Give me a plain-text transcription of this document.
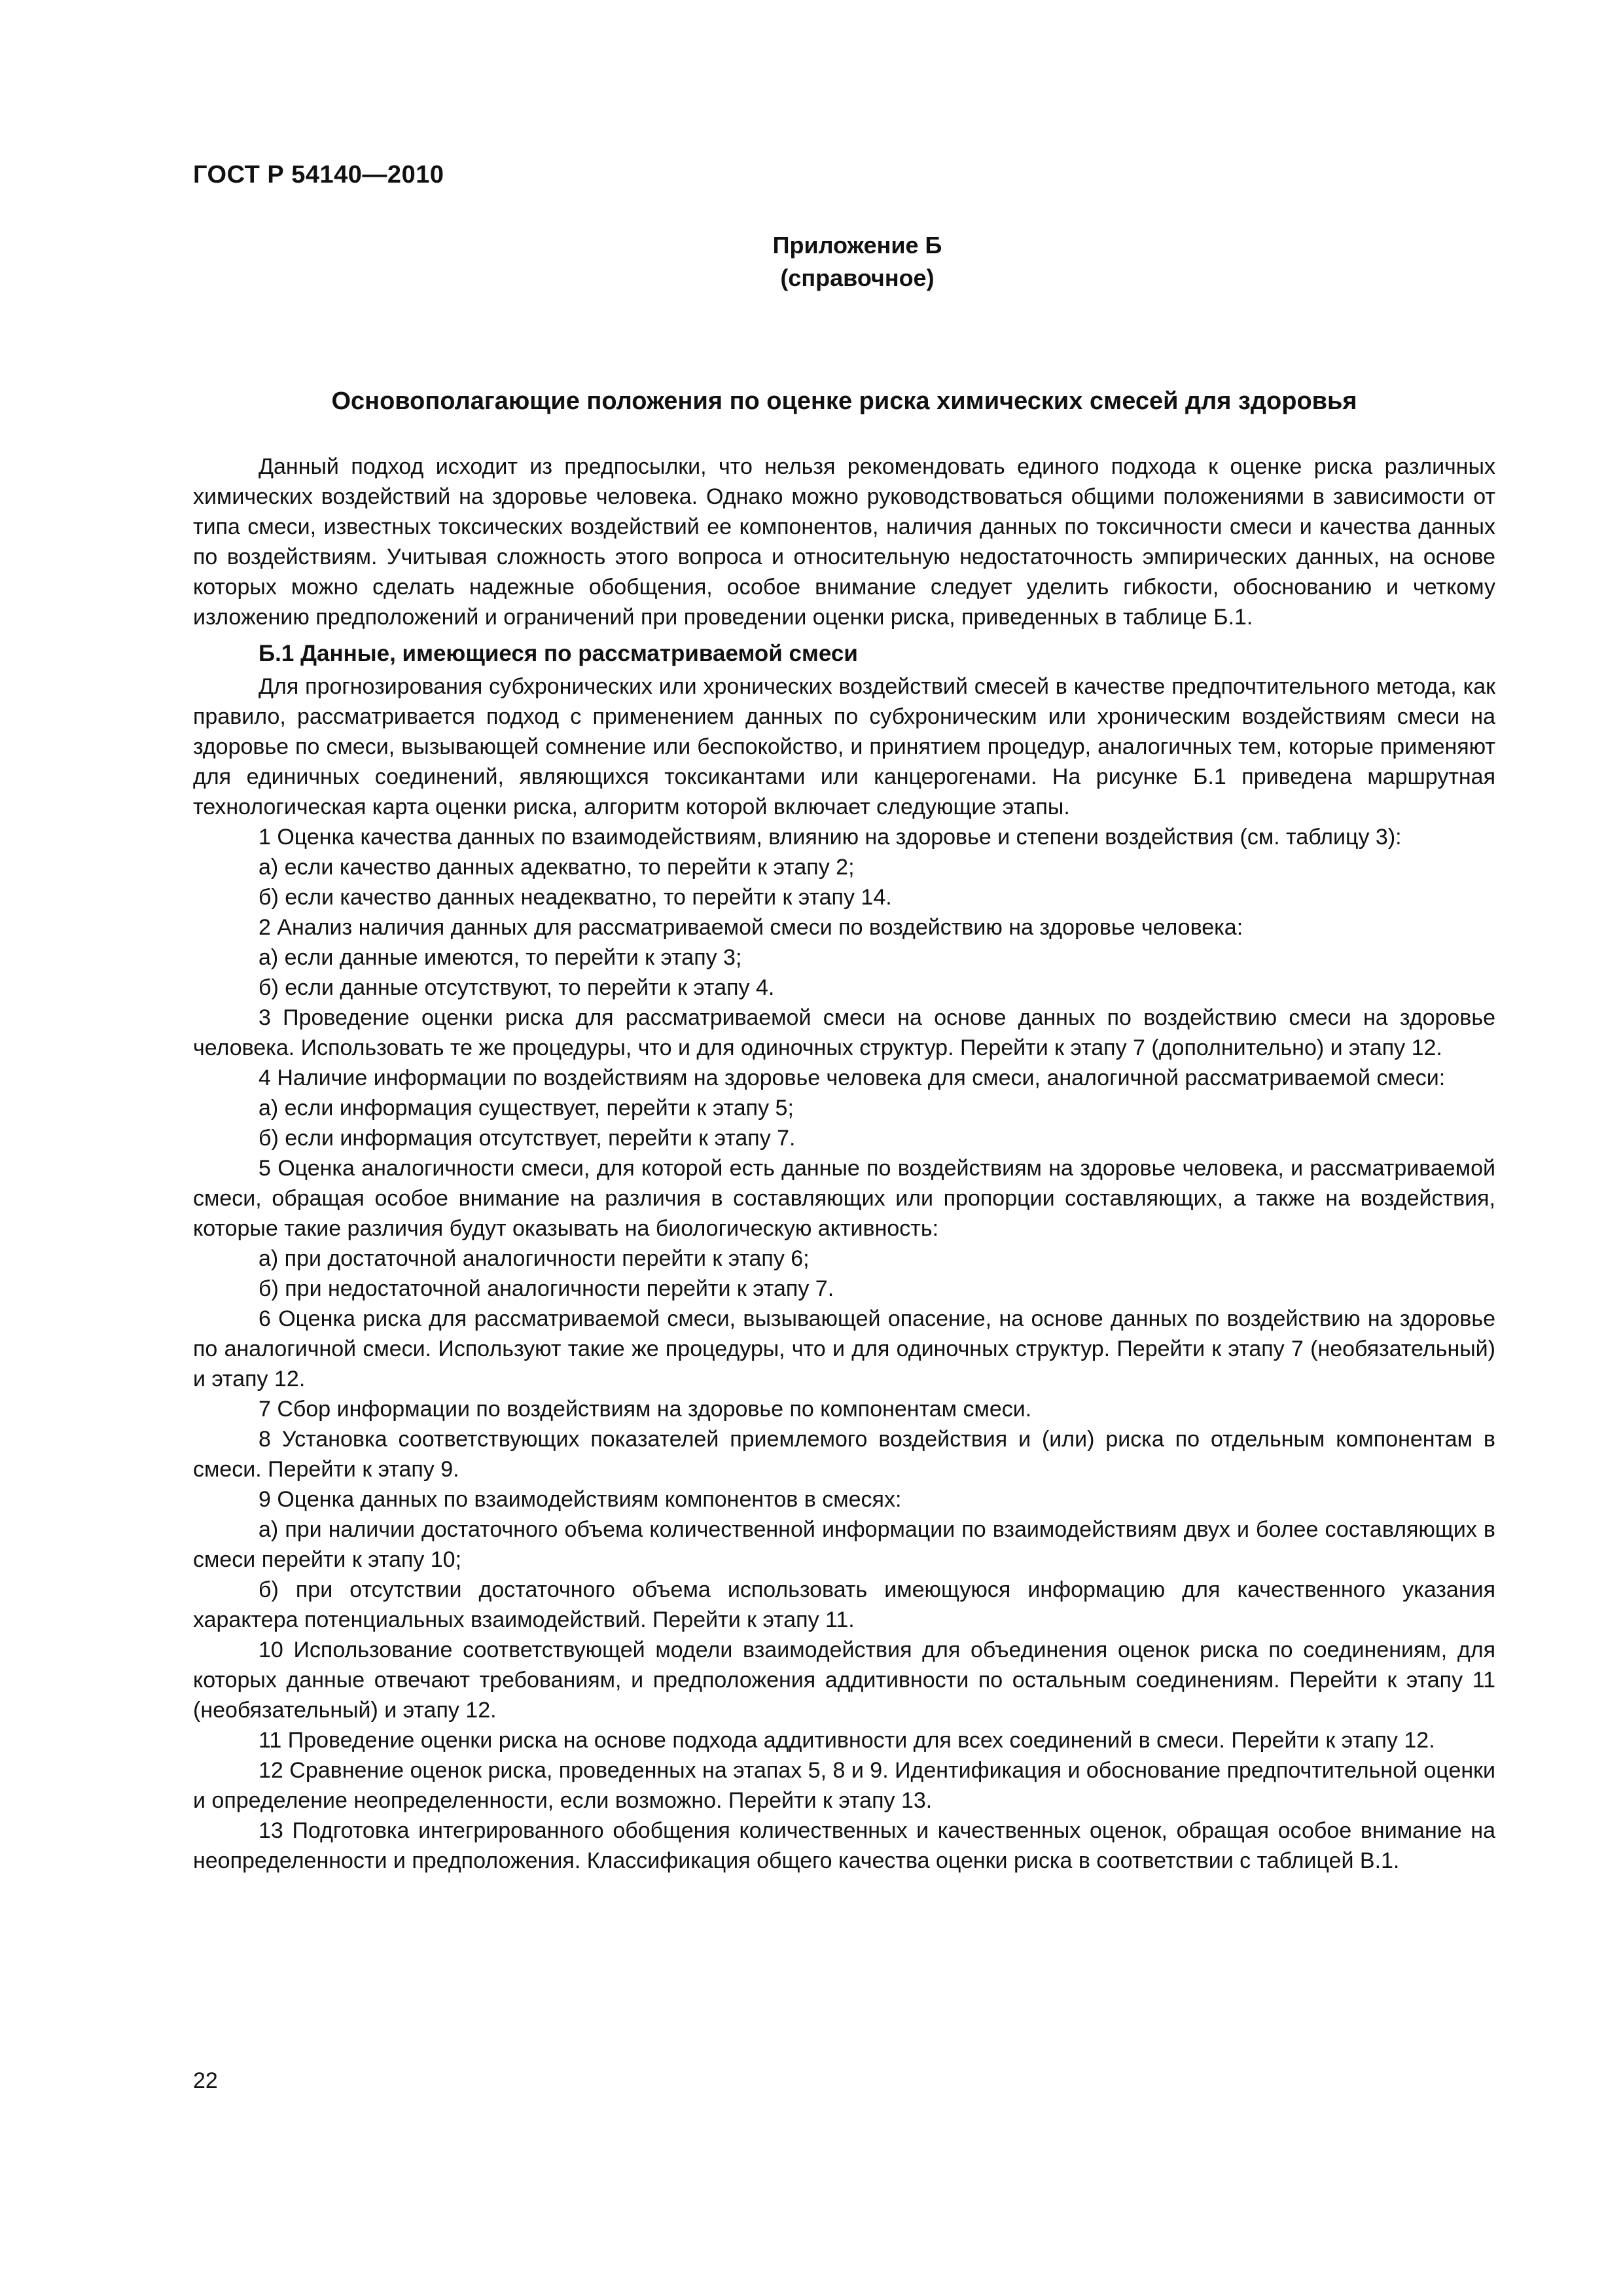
ГОСТ Р 54140—2010
Приложение Б
(справочное)
Основополагающие положения по оценке риска химических смесей для здоровья

Данный подход исходит из предпосылки, что нельзя рекомендовать единого подхода к оценке риска различных химических воздействий на здоровье человека. Однако можно руководствоваться общими положениями в зависимости от типа смеси, известных токсических воздействий ее компонентов, наличия данных по токсичности смеси и качества данных по воздействиям. Учитывая сложность этого вопроса и относительную недостаточность эмпирических данных, на основе которых можно сделать надежные обобщения, особое внимание следует уделить гибкости, обоснованию и четкому изложению предположений и ограничений при проведении оценки риска, приведенных в таблице Б.1.

Б.1 Данные, имеющиеся по рассматриваемой смеси

Для прогнозирования субхронических или хронических воздействий смесей в качестве предпочтительного метода, как правило, рассматривается подход с применением данных по субхроническим или хроническим воздействиям смеси на здоровье по смеси, вызывающей сомнение или беспокойство, и принятием процедур, аналогичных тем, которые применяют для единичных соединений, являющихся токсикантами или канцерогенами. На рисунке Б.1 приведена маршрутная технологическая карта оценки риска, алгоритм которой включает следующие этапы.

1 Оценка качества данных по взаимодействиям, влиянию на здоровье и степени воздействия (см. таблицу 3):

а) если качество данных адекватно, то перейти к этапу 2;

б) если качество данных неадекватно, то перейти к этапу 14.

2 Анализ наличия данных для рассматриваемой смеси по воздействию на здоровье человека:

а) если данные имеются, то перейти к этапу 3;

б) если данные отсутствуют, то перейти к этапу 4.

3 Проведение оценки риска для рассматриваемой смеси на основе данных по воздействию смеси на здоровье человека. Использовать те же процедуры, что и для одиночных структур. Перейти к этапу 7 (дополнительно) и этапу 12.

4 Наличие информации по воздействиям на здоровье человека для смеси, аналогичной рассматриваемой смеси:

а) если информация существует, перейти к этапу 5;

б) если информация отсутствует, перейти к этапу 7.

5 Оценка аналогичности смеси, для которой есть данные по воздействиям на здоровье человека, и рассматриваемой смеси, обращая особое внимание на различия в составляющих или пропорции составляющих, а также на воздействия, которые такие различия будут оказывать на биологическую активность:

а) при достаточной аналогичности перейти к этапу 6;

б) при недостаточной аналогичности перейти к этапу 7.

6 Оценка риска для рассматриваемой смеси, вызывающей опасение, на основе данных по воздействию на здоровье по аналогичной смеси. Используют такие же процедуры, что и для одиночных структур. Перейти к этапу 7 (необязательный) и этапу 12.

7 Сбор информации по воздействиям на здоровье по компонентам смеси.

8 Установка соответствующих показателей приемлемого воздействия и (или) риска по отдельным компонентам в смеси. Перейти к этапу 9.

9 Оценка данных по взаимодействиям компонентов в смесях:

а) при наличии достаточного объема количественной информации по взаимодействиям двух и более составляющих в смеси перейти к этапу 10;

б) при отсутствии достаточного объема использовать имеющуюся информацию для качественного указания характера потенциальных взаимодействий. Перейти к этапу 11.

10 Использование соответствующей модели взаимодействия для объединения оценок риска по соединениям, для которых данные отвечают требованиям, и предположения аддитивности по остальным соединениям. Перейти к этапу 11 (необязательный) и этапу 12.

11 Проведение оценки риска на основе подхода аддитивности для всех соединений в смеси. Перейти к этапу 12.

12 Сравнение оценок риска, проведенных на этапах 5, 8 и 9. Идентификация и обоснование предпочтительной оценки и определение неопределенности, если возможно. Перейти к этапу 13.

13 Подготовка интегрированного обобщения количественных и качественных оценок, обращая особое внимание на неопределенности и предположения. Классификация общего качества оценки риска в соответствии с таблицей В.1.

22
